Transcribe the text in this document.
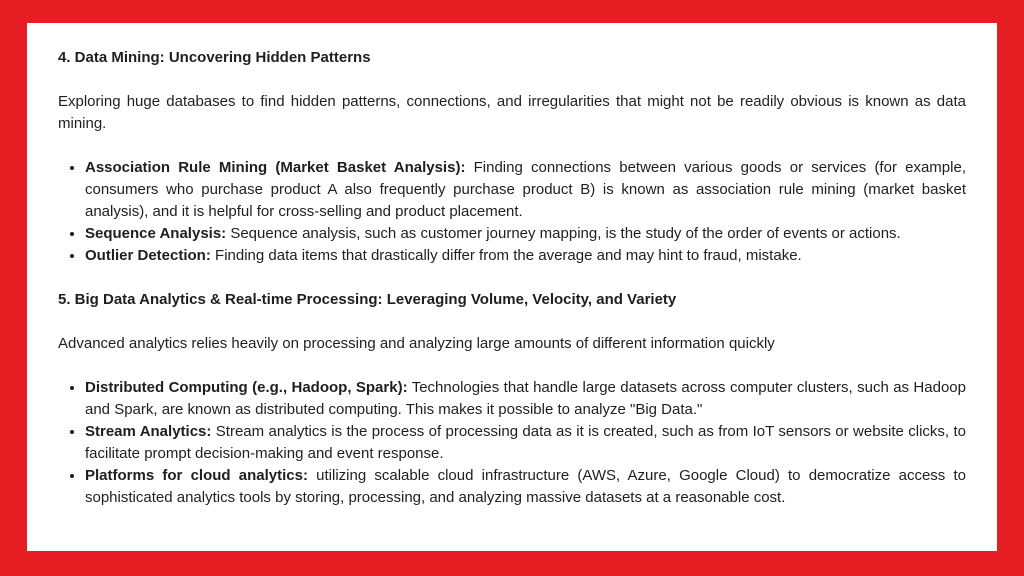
4. Data Mining: Uncovering Hidden Patterns

Exploring huge databases to find hidden patterns, connections, and irregularities that might not be readily obvious is known as data mining.

• Association Rule Mining (Market Basket Analysis): Finding connections between various goods or services (for example, consumers who purchase product A also frequently purchase product B) is known as association rule mining (market basket analysis), and it is helpful for cross-selling and product placement.
• Sequence Analysis: Sequence analysis, such as customer journey mapping, is the study of the order of events or actions.
• Outlier Detection: Finding data items that drastically differ from the average and may hint to fraud, mistake.
5. Big Data Analytics & Real-time Processing: Leveraging Volume, Velocity, and Variety

Advanced analytics relies heavily on processing and analyzing large amounts of different information quickly

• Distributed Computing (e.g., Hadoop, Spark): Technologies that handle large datasets across computer clusters, such as Hadoop and Spark, are known as distributed computing. This makes it possible to analyze "Big Data."
• Stream Analytics: Stream analytics is the process of processing data as it is created, such as from IoT sensors or website clicks, to facilitate prompt decision-making and event response.
• Platforms for cloud analytics: utilizing scalable cloud infrastructure (AWS, Azure, Google Cloud) to democratize access to sophisticated analytics tools by storing, processing, and analyzing massive datasets at a reasonable cost.
